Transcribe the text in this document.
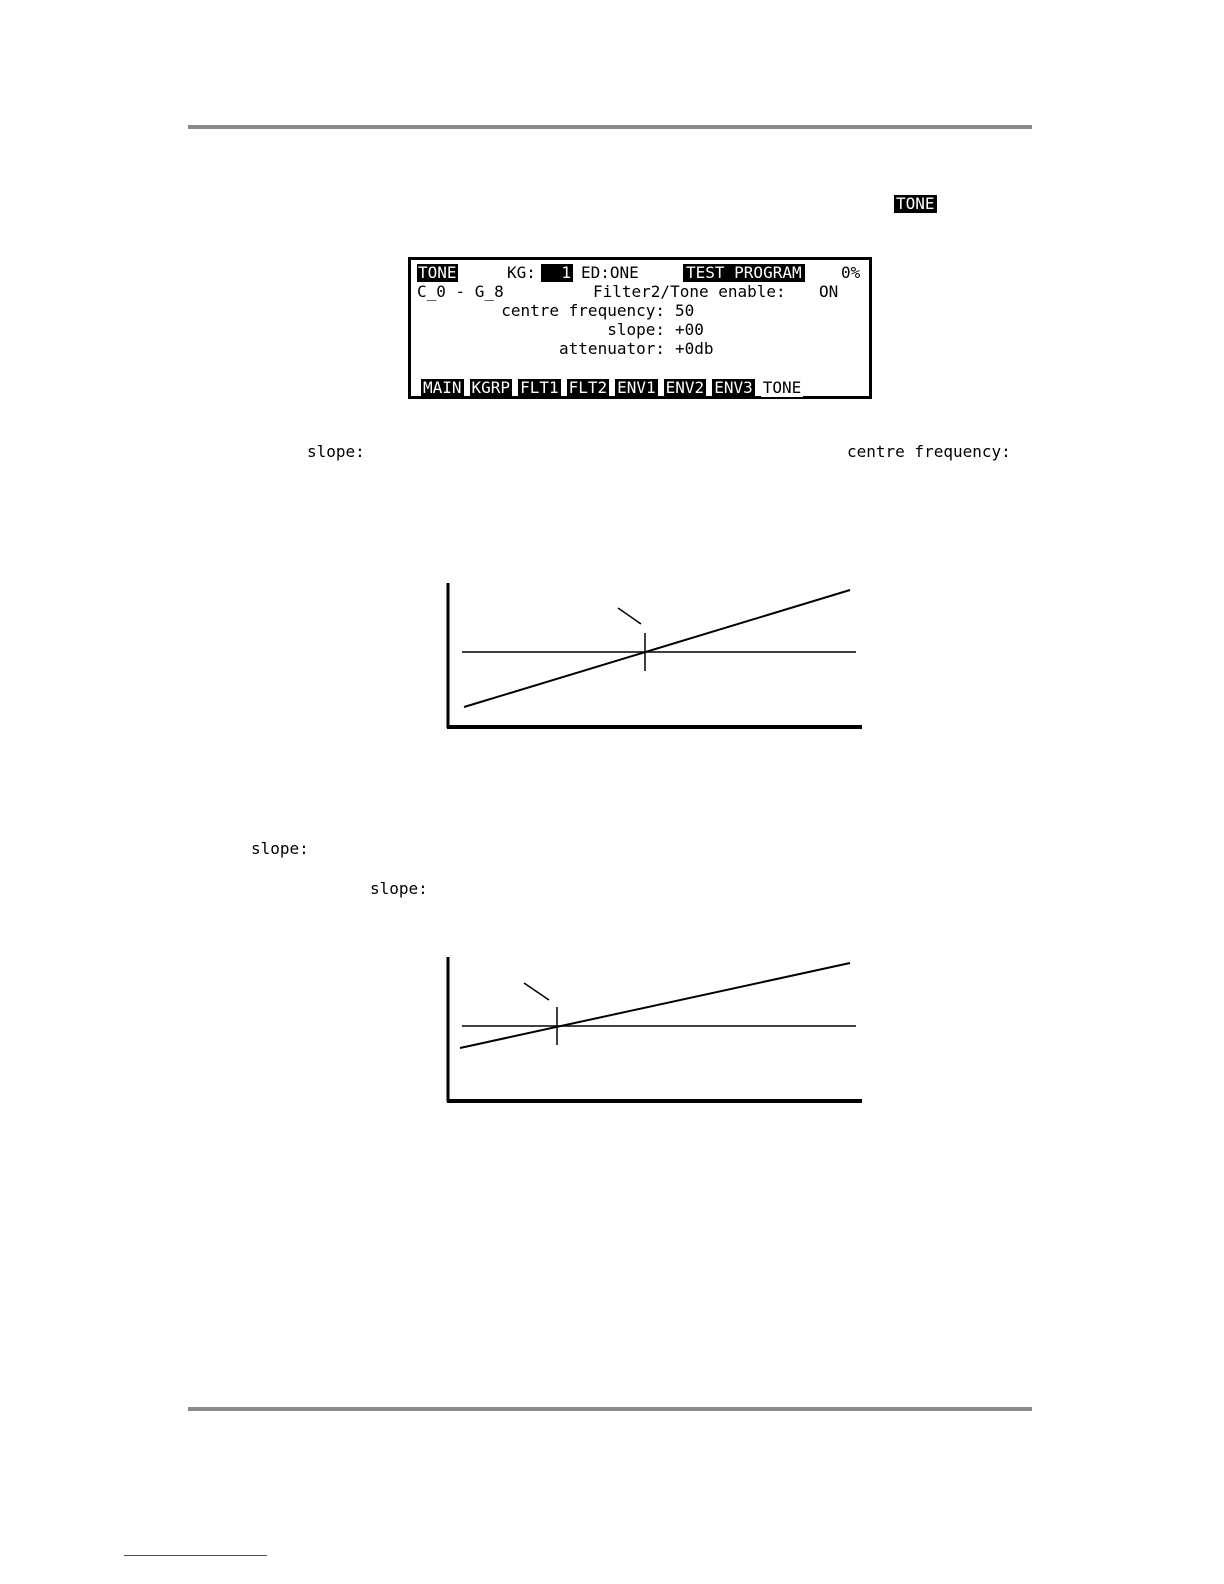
TONE
TONE	KG:	1 ED:ONE	TEST PROGRAM 0%
C_0 - G_8	Filter2/Tone enable: ON
centre frequency: 50
slope: +00
attenuator: +0db
MAIN KGRP FLT1 FLT2 ENV1 ENV2 ENV3 TONE
slope:	centre frequency:
slope:
slope:
